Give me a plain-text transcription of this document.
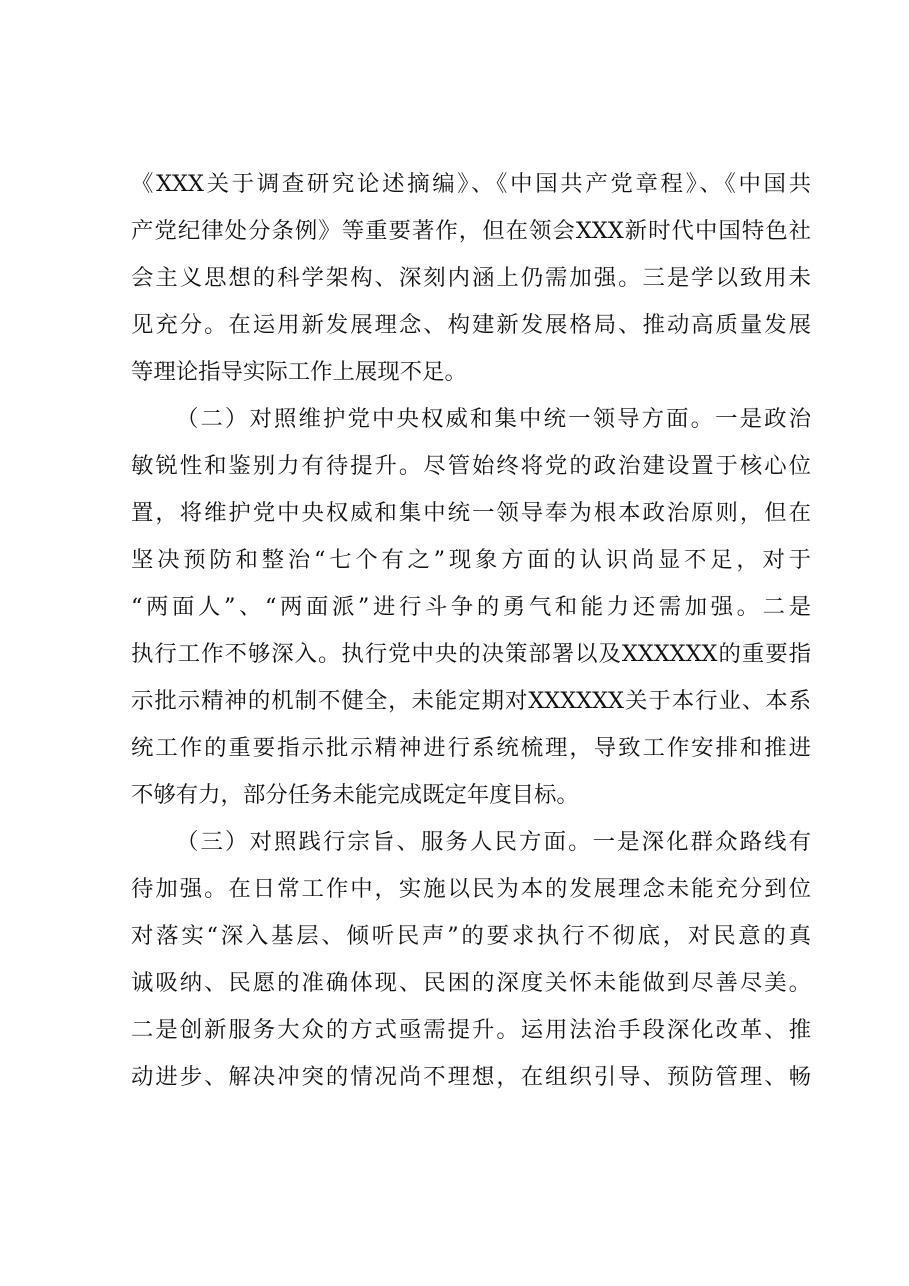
《XXX关于调查研究论述摘编》、《中国共产党章程》、《中国共
产党纪律处分条例》等重要著作，但在领会XXX新时代中国特色社
会主义思想的科学架构、深刻内涵上仍需加强。三是学以致用未
见充分。在运用新发展理念、构建新发展格局、推动高质量发展
等理论指导实际工作上展现不足。
（二）对照维护党中央权威和集中统一领导方面。一是政治
敏锐性和鉴别力有待提升。尽管始终将党的政治建设置于核心位
置，将维护党中央权威和集中统一领导奉为根本政治原则，但在
坚决预防和整治“七个有之”现象方面的认识尚显不足，对于
“两面人”、“两面派”进行斗争的勇气和能力还需加强。二是
执行工作不够深入。执行党中央的决策部署以及XXXXXX的重要指
示批示精神的机制不健全，未能定期对XXXXXX关于本行业、本系
统工作的重要指示批示精神进行系统梳理，导致工作安排和推进
不够有力，部分任务未能完成既定年度目标。
（三）对照践行宗旨、服务人民方面。一是深化群众路线有
待加强。在日常工作中，实施以民为本的发展理念未能充分到位
对落实“深入基层、倾听民声”的要求执行不彻底，对民意的真
诚吸纳、民愿的准确体现、民困的深度关怀未能做到尽善尽美。
二是创新服务大众的方式亟需提升。运用法治手段深化改革、推
动进步、解决冲突的情况尚不理想，在组织引导、预防管理、畅
